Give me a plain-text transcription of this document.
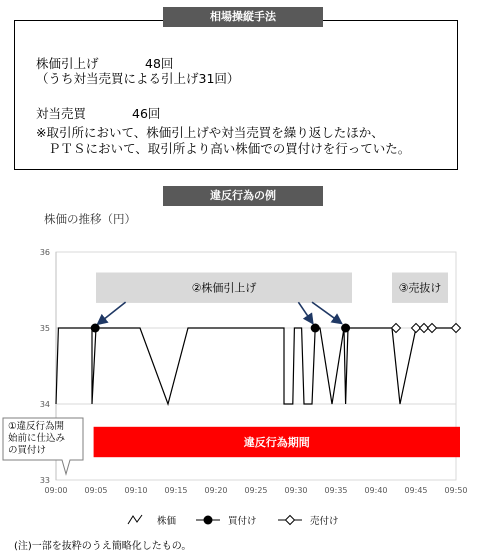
相場操縦手法
株価引上げ	48回
（うち対当売買による引上げ31回）
対当売買	46回
※取引所において、株価引上げや対当売買を繰り返したほか、
ＰＴＳにおいて、取引所より高い株価での買付けを行っていた。
違反行為の例
株価の推移（円）
②株価引上げ	③売抜け
違反行為期間
33
34
35
36
09:00 09:05 09:10 09:15 09:20 09:25 09:30 09:35 09:40 09:45 09:50
①違反行為開
始前に仕込み
の買付け
株価	買付け	売付け
(注)一部を抜粋のうえ簡略化したもの。
